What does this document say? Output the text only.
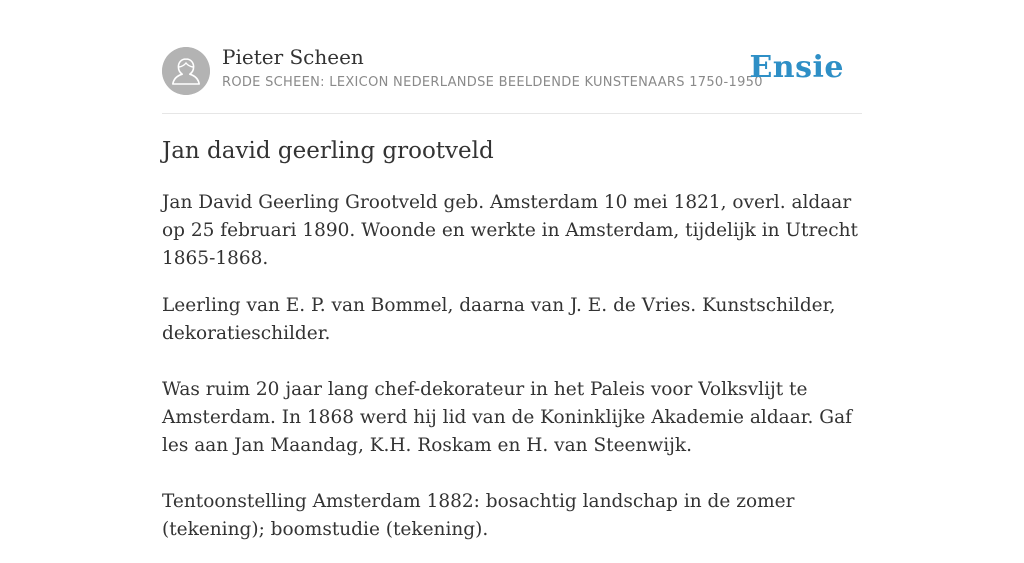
Pieter Scheen
RODE SCHEEN: LEXICON NEDERLANDSE BEELDENDE KUNSTENAARS 1750-1950
Ensie
Jan david geerling grootveld

Jan David Geerling Grootveld geb. Amsterdam 10 mei 1821, overl. aldaar op 25 februari 1890. Woonde en werkte in Amsterdam, tijdelijk in Utrecht 1865-1868.

Leerling van E. P. van Bommel, daarna van J. E. de Vries. Kunstschilder, dekoratieschilder.

Was ruim 20 jaar lang chef-dekorateur in het Paleis voor Volksvlijt te Amsterdam. In 1868 werd hij lid van de Koninklijke Akademie aldaar. Gaf les aan Jan Maandag, K.H. Roskam en H. van Steenwijk.

Tentoonstelling Amsterdam 1882: bosachtig landschap in de zomer (tekening); boomstudie (tekening).
